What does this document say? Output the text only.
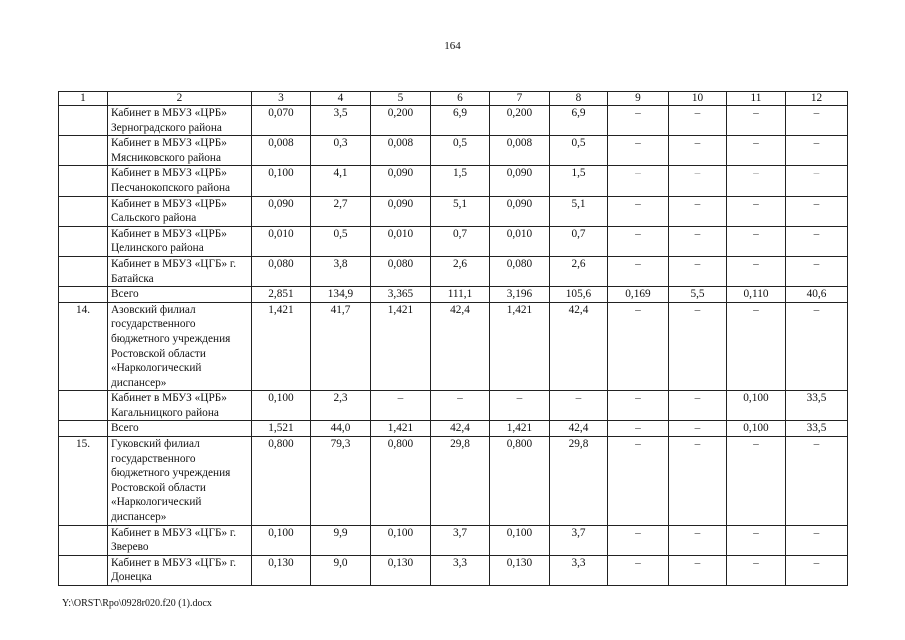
164
1	2	3	4	5	6	7	8	9	10	11	12
	Кабинет в МБУЗ «ЦРБ» Зерноградского района	0,070	3,5	0,200	6,9	0,200	6,9	–	–	–	–
	Кабинет в МБУЗ «ЦРБ» Мясниковского района	0,008	0,3	0,008	0,5	0,008	0,5	–	–	–	–
	Кабинет в МБУЗ «ЦРБ» Песчанокопского района	0,100	4,1	0,090	1,5	0,090	1,5	–	–	–	–
	Кабинет в МБУЗ «ЦРБ» Сальского района	0,090	2,7	0,090	5,1	0,090	5,1	–	–	–	–
	Кабинет в МБУЗ «ЦРБ» Целинского района	0,010	0,5	0,010	0,7	0,010	0,7	–	–	–	–
	Кабинет в МБУЗ «ЦГБ» г. Батайска	0,080	3,8	0,080	2,6	0,080	2,6	–	–	–	–
	Всего	2,851	134,9	3,365	111,1	3,196	105,6	0,169	5,5	0,110	40,6
14.	Азовский филиал государственного бюджетного учреждения Ростовской области «Наркологический диспансер»	1,421	41,7	1,421	42,4	1,421	42,4	–	–	–	–
	Кабинет в МБУЗ «ЦРБ» Кагальницкого района	0,100	2,3	–	–	–	–	–	–	0,100	33,5
	Всего	1,521	44,0	1,421	42,4	1,421	42,4	–	–	0,100	33,5
15.	Гуковский филиал государственного бюджетного учреждения Ростовской области «Наркологический диспансер»	0,800	79,3	0,800	29,8	0,800	29,8	–	–	–	–
	Кабинет в МБУЗ «ЦГБ» г. Зверево	0,100	9,9	0,100	3,7	0,100	3,7	–	–	–	–
	Кабинет в МБУЗ «ЦГБ» г. Донецка	0,130	9,0	0,130	3,3	0,130	3,3	–	–	–	–
Y:\ORST\Rpo\0928r020.f20 (1).docx
